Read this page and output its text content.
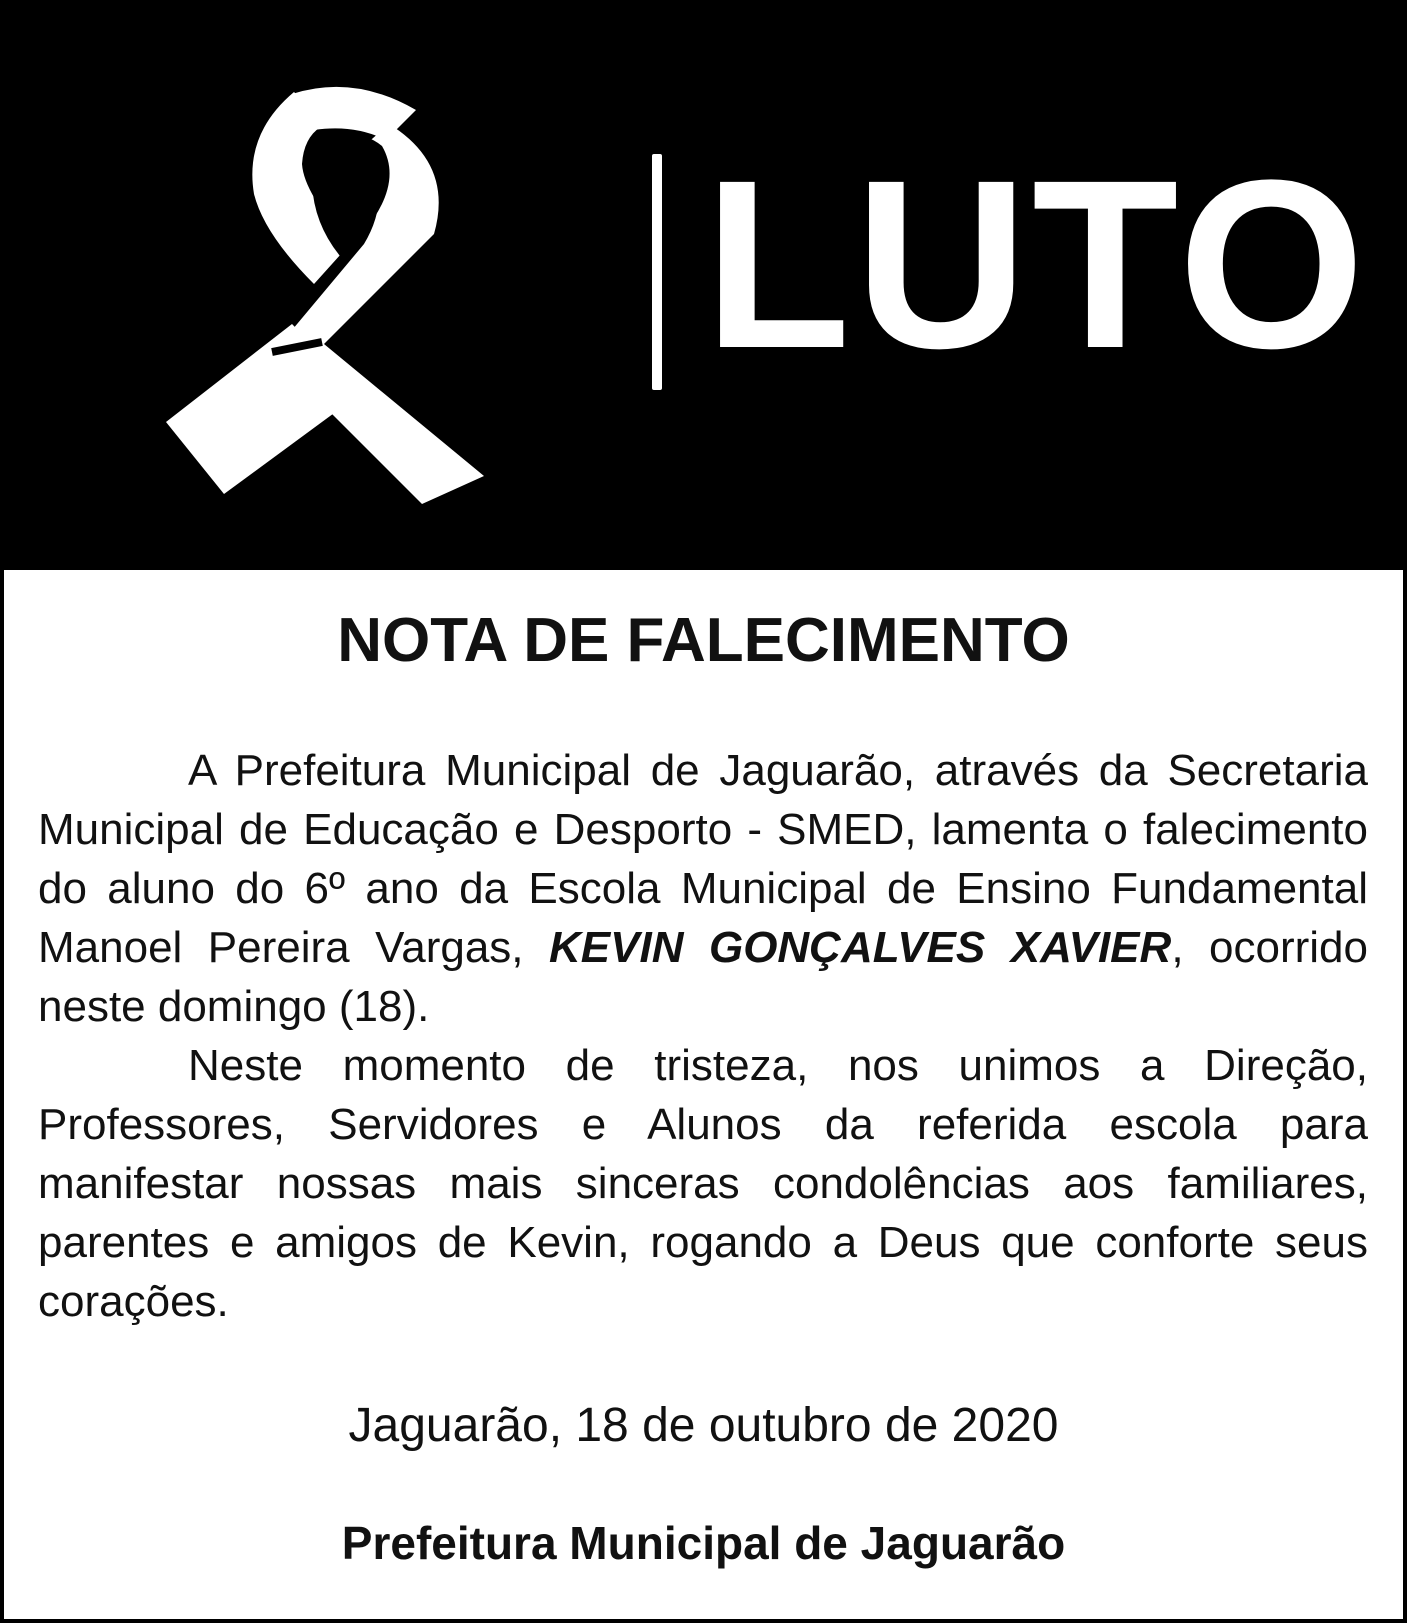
LUTO
NOTA DE FALECIMENTO

A Prefeitura Municipal de Jaguarão, através da Secretaria Municipal de Educação e Desporto - SMED, lamenta o falecimento do aluno do 6º ano da Escola Municipal de Ensino Fundamental Manoel Pereira Vargas, KEVIN GONÇALVES XAVIER, ocorrido neste domingo (18).

Neste momento de tristeza, nos unimos a Direção, Professores, Servidores e Alunos da referida escola para manifestar nossas mais sinceras condolências aos familiares, parentes e amigos de Kevin, rogando a Deus que conforte seus corações.

Jaguarão, 18 de outubro de 2020
Prefeitura Municipal de Jaguarão
